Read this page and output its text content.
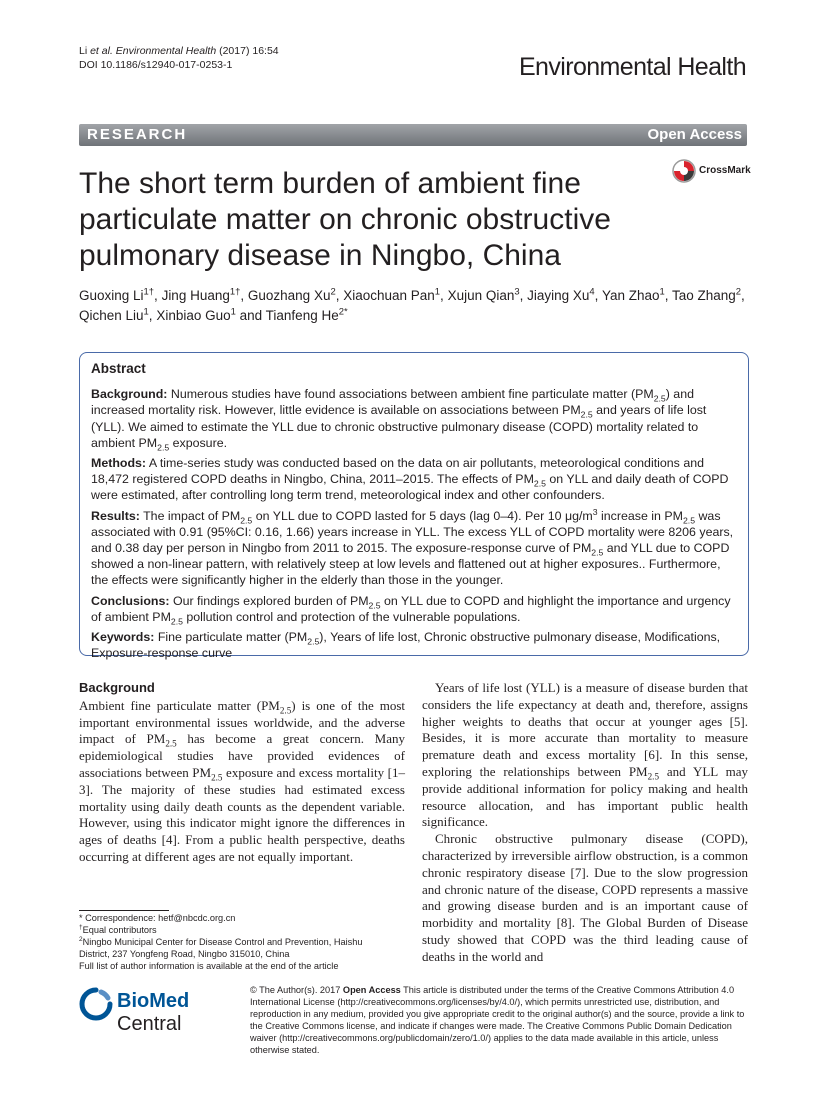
Li et al. Environmental Health (2017) 16:54
DOI 10.1186/s12940-017-0253-1	Environmental Health
RESEARCH	Open Access
The short term burden of ambient fine particulate matter on chronic obstructive pulmonary disease in Ningbo, China
CrossMark
Guoxing $Li^{1\dagger}$, Jing Huang$^{1\dagger}$, Guozhang Xu$^2$, Xiaochuan Pan$^1$, Xujun Qian$^3$, Jiaying Xu$^4$, Yan Zhao$^1$, Tao Zhang$^2$, Qichen Liu$^1$, Xinbiao Guo$^1$ and Tianfeng $He^{2*}$
Abstract

Background: Numerous studies have found associations between ambient fine particulate matter $(PM_{2.5})$ and increased mortality risk. However, little evidence is available on associations between $PM_{2.5}$ and years of life lost (YLL). We aimed to estimate the YLL due to chronic obstructive pulmonary disease (COPD) mortality related to ambient $PM_{2.5}$ exposure.

Methods: A time-series study was conducted based on the data on air pollutants, meteorological conditions and 18,472 registered COPD deaths in Ningbo, China, 2011–2015. The effects of $PM_{2.5}$ on YLL and daily death of COPD were estimated, after controlling long term trend, meteorological index and other confounders.

Results: The impact of $PM_{2.5}$ on YLL due to COPD lasted for 5 days (lag 0–4). Per 10 $\mu g/m^3$ increase in $PM_{2.5}$ was associated with 0.91 (95%CI: 0.16, 1.66) years increase in YLL. The excess YLL of COPD mortality were 8206 years, and 0.38 day per person in Ningbo from 2011 to 2015. The exposure-response curve of $PM_{2.5}$ and YLL due to COPD showed a non-linear pattern, with relatively steep at low levels and flattened out at higher exposures.. Furthermore, the effects were significantly higher in the elderly than those in the younger.

Conclusions: Our findings explored burden of $PM_{2.5}$ on YLL due to COPD and highlight the importance and urgency of ambient $PM_{2.5}$ pollution control and protection of the vulnerable populations.

Keywords: Fine particulate matter $(PM_{2.5})$, Years of life lost, Chronic obstructive pulmonary disease, Modifications, Exposure-response curve

Background

Ambient fine particulate matter $(PM_{2.5})$ is one of the most important environmental issues worldwide, and the adverse impact of $PM_{2.5}$ has become a great concern. Many epidemiological studies have provided evidences of associations between $PM_{2.5}$ exposure and excess mortality [1–3]. The majority of these studies had estimated excess mortality using daily death counts as the dependent variable. However, using this indicator might ignore the differences in ages of deaths [4]. From a public health perspective, deaths occurring at different ages are not equally important.

Years of life lost (YLL) is a measure of disease burden that considers the life expectancy at death and, therefore, assigns higher weights to deaths that occur at younger ages [5]. Besides, it is more accurate than mortality to measure premature death and excess mortality [6]. In this sense, exploring the relationships between $PM_{2.5}$ and YLL may provide additional information for policy making and health resource allocation, and has important public health significance.

Chronic obstructive pulmonary disease (COPD), characterized by irreversible airflow obstruction, is a common chronic respiratory disease [7]. Due to the slow progression and chronic nature of the disease, COPD represents a massive and growing disease burden and is an important cause of morbidity and mortality [8]. The Global Burden of Disease study showed that COPD was the third leading cause of deaths in the world and

* Correspondence: hetf@nbcdc.org.cn

†Equal contributors

$^2$Ningbo Municipal Center for Disease Control and Prevention, Haishu District, 237 Yongfeng Road, Ningbo 315010, China

Full list of author information is available at the end of the article

BioMed Central
© The Author(s). 2017 Open Access This article is distributed under the terms of the Creative Commons Attribution 4.0 International License (http://creativecommons.org/licenses/by/4.0/), which permits unrestricted use, distribution, and reproduction in any medium, provided you give appropriate credit to the original author(s) and the source, provide a link to the Creative Commons license, and indicate if changes were made. The Creative Commons Public Domain Dedication waiver (http://creativecommons.org/publicdomain/zero/1.0/) applies to the data made available in this article, unless otherwise stated.
